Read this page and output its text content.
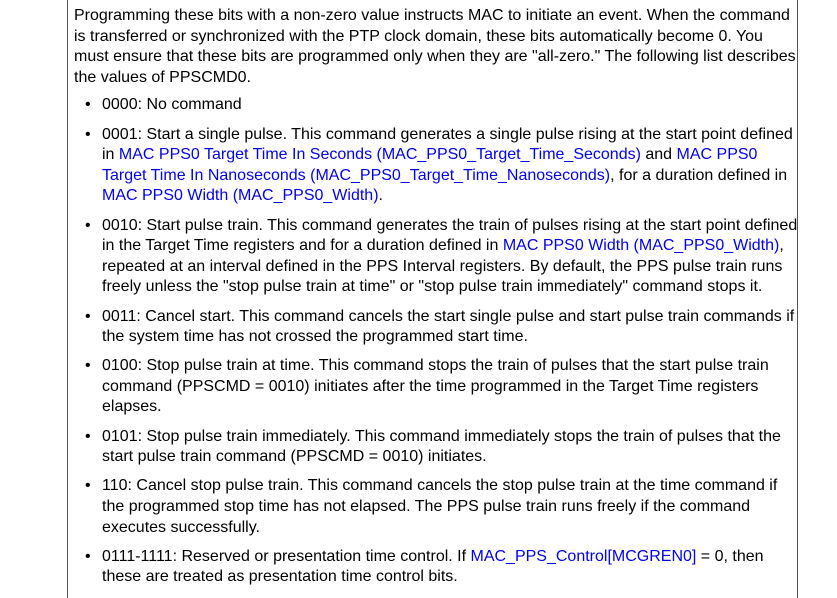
Programming these bits with a non-zero value instructs MAC to initiate an event. When the command is transferred or synchronized with the PTP clock domain, these bits automatically become 0. You must ensure that these bits are programmed only when they are "all-zero." The following list describes the values of PPSCMD0.

• 0000: No command
• 0001: Start a single pulse. This command generates a single pulse rising at the start point defined in MAC PPS0 Target Time In Seconds (MAC_PPS0_Target_Time_Seconds) and MAC PPS0 Target Time In Nanoseconds (MAC_PPS0_Target_Time_Nanoseconds), for a duration defined in MAC PPS0 Width (MAC_PPS0_Width).
• 0010: Start pulse train. This command generates the train of pulses rising at the start point defined in the Target Time registers and for a duration defined in MAC PPS0 Width (MAC_PPS0_Width), repeated at an interval defined in the PPS Interval registers. By default, the PPS pulse train runs freely unless the "stop pulse train at time" or "stop pulse train immediately" command stops it.
• 0011: Cancel start. This command cancels the start single pulse and start pulse train commands if the system time has not crossed the programmed start time.
• 0100: Stop pulse train at time. This command stops the train of pulses that the start pulse train command (PPSCMD = 0010) initiates after the time programmed in the Target Time registers elapses.
• 0101: Stop pulse train immediately. This command immediately stops the train of pulses that the start pulse train command (PPSCMD = 0010) initiates.
• 110: Cancel stop pulse train. This command cancels the stop pulse train at the time command if the programmed stop time has not elapsed. The PPS pulse train runs freely if the command executes successfully.
• 0111-1111: Reserved or presentation time control. If MAC_PPS_Control[MCGREN0] = 0, then these are treated as presentation time control bits.
